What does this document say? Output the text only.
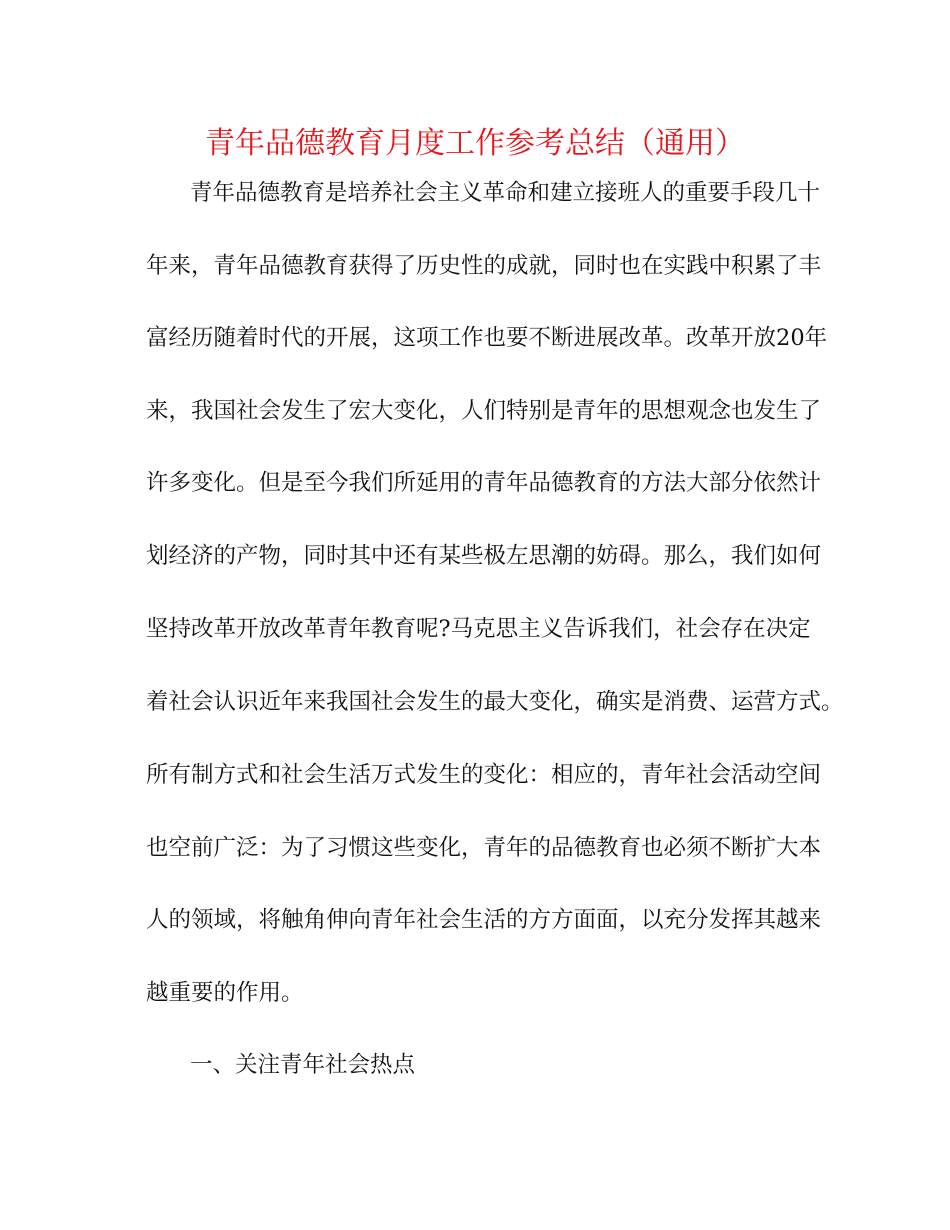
青年品德教育月度工作参考总结（通用）
青年品德教育是培养社会主义革命和建立接班人的重要手段几十
年来，青年品德教育获得了历史性的成就，同时也在实践中积累了丰
富经历随着时代的开展，这项工作也要不断进展改革。改革开放20年
来，我国社会发生了宏大变化，人们特别是青年的思想观念也发生了
许多变化。但是至今我们所延用的青年品德教育的方法大部分依然计
划经济的产物，同时其中还有某些极左思潮的妨碍。那么，我们如何
坚持改革开放改革青年教育呢?马克思主义告诉我们，社会存在决定
着社会认识近年来我国社会发生的最大变化，确实是消费、运营方式。
所有制方式和社会生活万式发生的变化：相应的，青年社会活动空间
也空前广泛：为了习惯这些变化，青年的品德教育也必须不断扩大本
人的领域，将触角伸向青年社会生活的方方面面，以充分发挥其越来
越重要的作用。
一、关注青年社会热点
